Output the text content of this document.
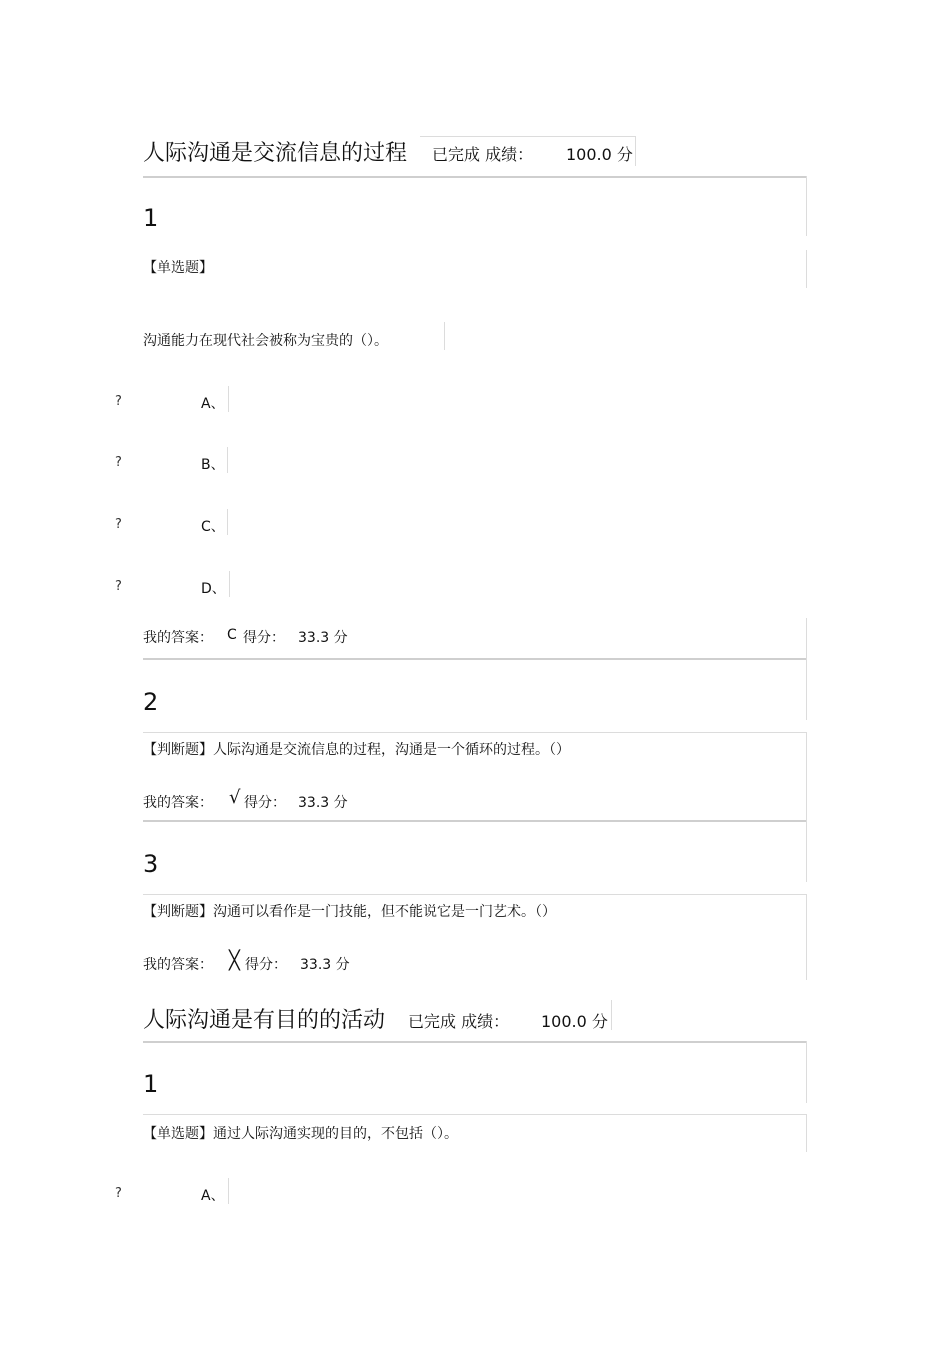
人际沟通是交流信息的过程 已完成 成绩： 100.0 分
1
【单选题】
沟通能力在现代社会被称为宝贵的（）。
?	A、
?	B、
?	C、
?	D、
我的答案： C 得分： 33.3 分
2
【判断题】人际沟通是交流信息的过程，沟通是一个循环的过程。（）
我的答案： √ 得分： 33.3 分
3
【判断题】沟通可以看作是一门技能，但不能说它是一门艺术。（）
我的答案： ╳ 得分： 33.3 分
人际沟通是有目的的活动 已完成 成绩： 100.0 分
1
【单选题】通过人际沟通实现的目的，不包括（）。
?	A、
